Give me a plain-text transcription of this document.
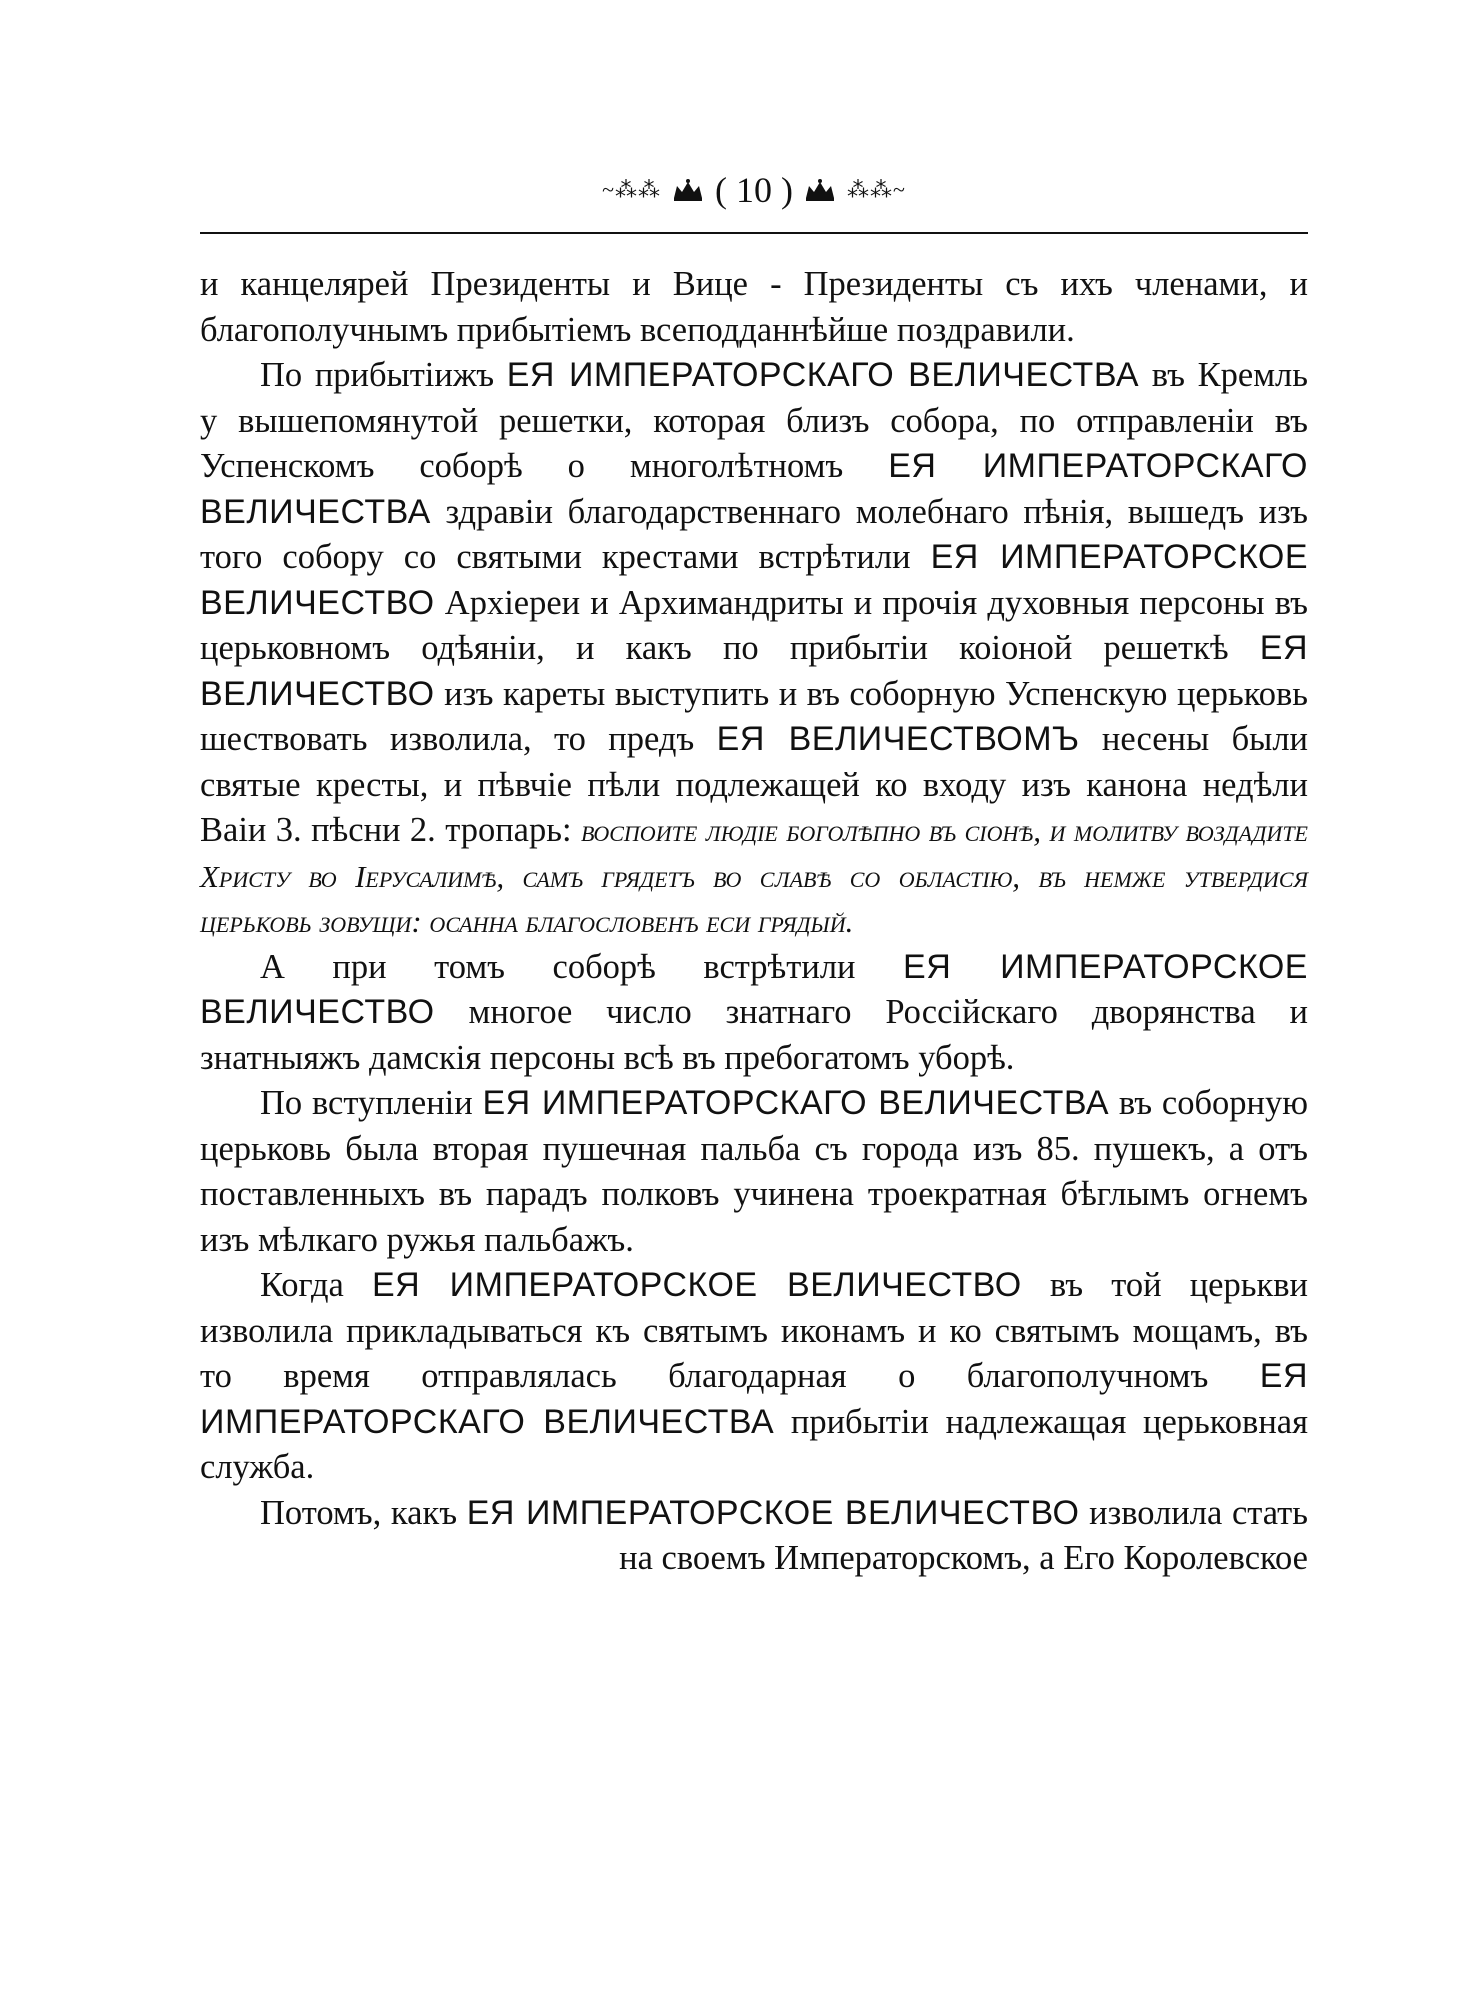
~⁂⁂ ( 10 ) ⁂⁂~

и канцелярей Президенты и Вице - Президенты съ ихъ членами, и благополучнымъ прибытіемъ всеподданнѣйше поздравили.

По прибытіижъ ЕЯ ИМПЕРАТОРСКАГО ВЕЛИЧЕСТВА въ Кремль у вышепомянутой решетки, которая близъ собора, по отправленіи въ Успенскомъ соборѣ о многолѣтномъ ЕЯ ИМПЕРАТОРСКАГО ВЕЛИЧЕСТВА здравіи благодарственнаго молебнаго пѣнія, вышедъ изъ того собору со святыми крестами встрѣтили ЕЯ ИМПЕРАТОРСКОЕ ВЕЛИЧЕСТВО Архіереи и Архимандриты и прочія духовныя персоны въ церьковномъ одѣяніи, и какъ по прибытіи коіоной решеткѣ ЕЯ ВЕЛИЧЕСТВО изъ кареты выступить и въ соборную Успенскую церьковь шествовать изволила, то предъ ЕЯ ВЕЛИЧЕСТВОМЪ несены были святые кресты, и пѣвчіе пѣли подлежащей ко входу изъ канона недѣли Ваіи 3. пѣсни 2. тропарь: воспоите людіе боголѣпно въ сіонѣ, и молитву воздадите Христу во Іерусалимѣ, самъ грядетъ во славѣ со областію, въ немже утвердися церьковь зовущи: осанна благословенъ еси грядый.

А при томъ соборѣ встрѣтили ЕЯ ИМПЕРАТОРСКОЕ ВЕЛИЧЕСТВО многое число знатнаго Россійскаго дворянства и знатныяжъ дамскія персоны всѣ въ пребогатомъ уборѣ.

По вступленіи ЕЯ ИМПЕРАТОРСКАГО ВЕЛИЧЕСТВА въ соборную церьковь была вторая пушечная пальба съ города изъ 85. пушекъ, а отъ поставленныхъ въ парадъ полковъ учинена троекратная бѣглымъ огнемъ изъ мѣлкаго ружья пальбажъ.

Когда ЕЯ ИМПЕРАТОРСКОЕ ВЕЛИЧЕСТВО въ той церькви изволила прикладываться къ святымъ иконамъ и ко святымъ мощамъ, въ то время отправлялась благодарная о благополучномъ ЕЯ ИМПЕРАТОРСКАГО ВЕЛИЧЕСТВА прибытіи надлежащая церьковная служба.

Потомъ, какъ ЕЯ ИМПЕРАТОРСКОЕ ВЕЛИЧЕСТВО изволила стать на своемъ Императорскомъ, а Его Королевское
